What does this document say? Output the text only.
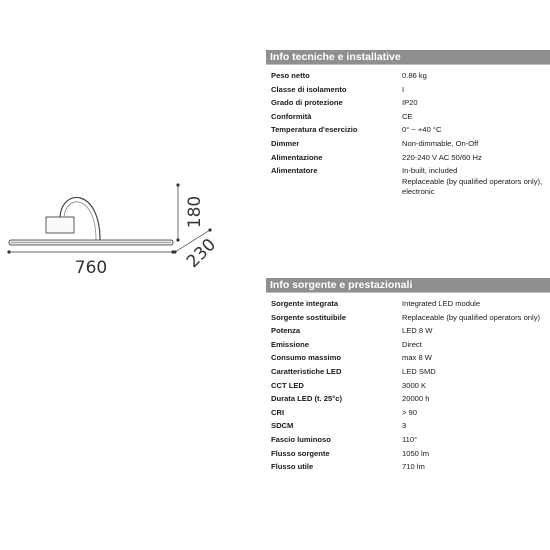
760
180
230
Info tecniche e installative
Peso netto	0.86 kg
Classe di isolamento	I
Grado di protezione	IP20
Conformità	CE
Temperatura d'esercizio	0° ~ +40 °C
Dimmer	Non-dimmable, On-Off
Alimentazione	220-240 V AC 50/60 Hz
Alimentatore	In-built, included
Replaceable (by qualified operators only),
electronic
Info sorgente e prestazionali
Sorgente integrata	Integrated LED module
Sorgente sostituibile	Replaceable (by qualified operators only)
Potenza	LED 8 W
Emissione	Direct
Consumo massimo	max 8 W
Caratteristiche LED	LED SMD
CCT LED	3000 K
Durata LED (t. 25°c)	20000 h
CRI	> 90
SDCM	3
Fascio luminoso	110°
Flusso sorgente	1050 lm
Flusso utile	710 lm
